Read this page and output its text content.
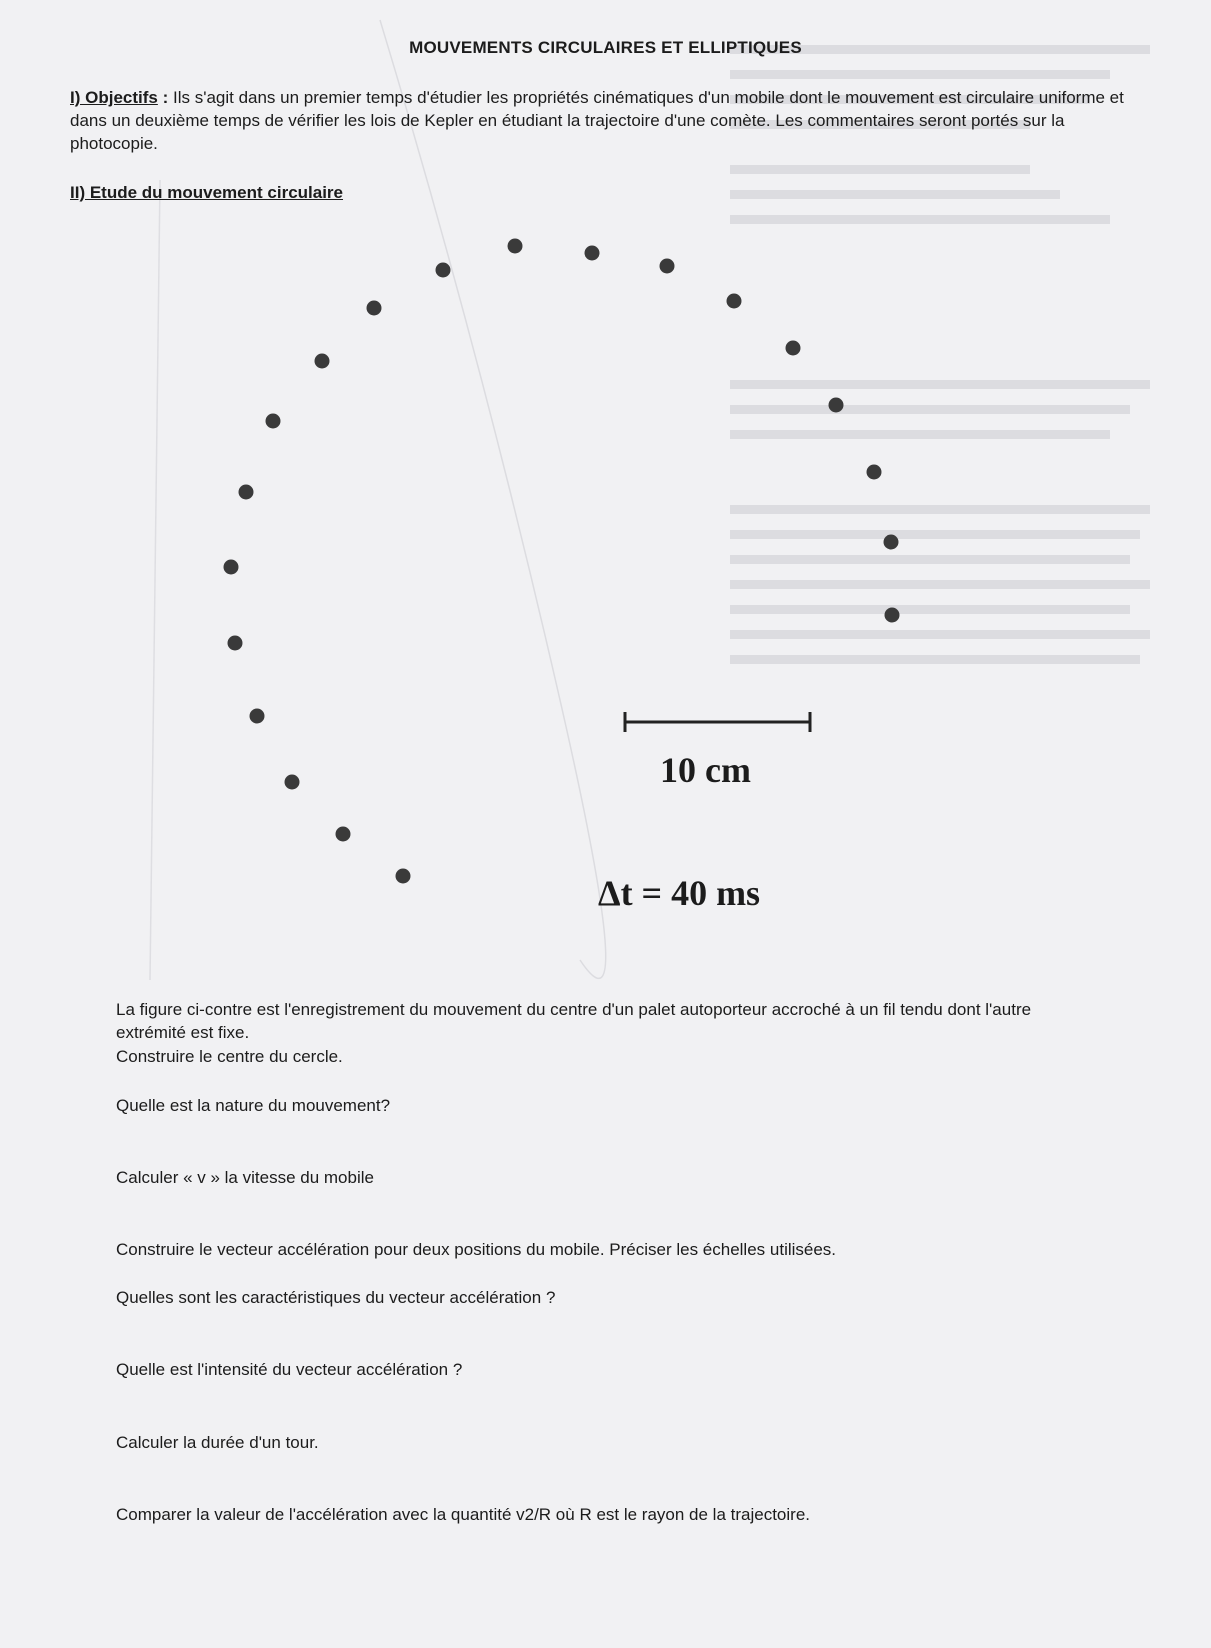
MOUVEMENTS CIRCULAIRES ET ELLIPTIQUES
I) Objectifs : Ils s'agit dans un premier temps d'étudier les propriétés cinématiques d'un mobile dont le mouvement est circulaire uniforme et dans un deuxième temps de vérifier les lois de Kepler en étudiant la trajectoire d'une comète. Les commentaires seront portés sur la photocopie.
II) Etude du mouvement circulaire
10 cm
Δt = 40 ms
La figure ci-contre est l'enregistrement du mouvement du centre d'un palet autoporteur accroché à un fil tendu dont l'autre extrémité est fixe.
Construire le centre du cercle.
Quelle est la nature du mouvement?
Calculer « v » la vitesse du mobile
Construire le vecteur accélération pour deux positions du mobile. Préciser les échelles utilisées.
Quelles sont les caractéristiques du vecteur accélération ?
Quelle est l'intensité du vecteur accélération ?
Calculer la durée d'un tour.
Comparer la valeur de l'accélération avec la quantité v2/R où R est le rayon de la trajectoire.
